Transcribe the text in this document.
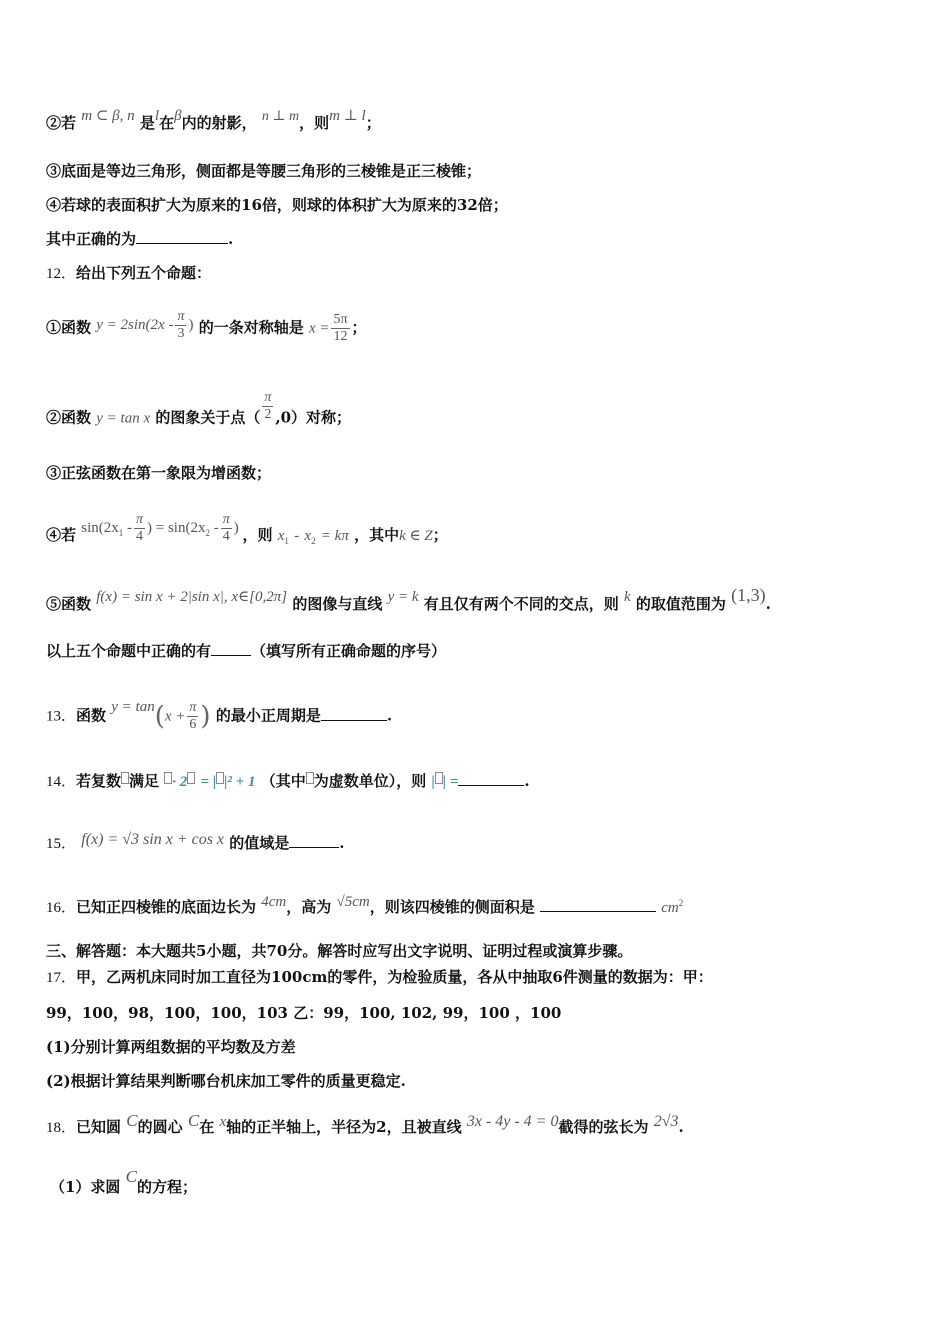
②若 m ⊂ β, n 是l在β内的射影， n ⊥ m，则m ⊥ l；
③底面是等边三角形，侧面都是等腰三角形的三棱锥是正三棱锥；
④若球的表面积扩大为原来的16倍，则球的体积扩大为原来的32倍；
其中正确的为	.
12．给出下列五个命题：
①函数 $y = 2\sin(2x - \frac{\pi}{3}$ ) 的一条对称轴是 $x = \frac{5\pi}{12}$ ；
②函数 y = tan x 的图象关于点（ $\frac{\pi}{2} ,0$）对称；
③正弦函数在第一象限为增函数；
④若 $\sin(2x_1 - \frac{\pi}{4}$ ) = $\sin(2x_2 - \frac{\pi}{4}$ ) ，则 $x_1 - x_2 = k\pi$ ，其中k ∈ Z；
⑤函数 f(x) = sin x + 2|sin x|, x∈[0,2π] 的图像与直线 y = k 有且仅有两个不同的交点，则 k 的取值范围为 (1,3).
以上五个命题中正确的有	（填写所有正确命题的序号）
13．函数 $y = \tan(x + \frac{\pi}{6}$ ) 的最小正周期是	.
14．若复数 满足 · 2 = | |² + 1 （其中 为虚数单位），则 | | =	.
15． f(x) = √3 sin x + cos x 的值域是	.
16．已知正四棱锥的底面边长为 4cm，高为 √5cm，则该四棱锥的侧面积是	$cm^2$
三、解答题：本大题共5小题，共70分。解答时应写出文字说明、证明过程或演算步骤。
17．甲，乙两机床同时加工直径为100cm的零件，为检验质量，各从中抽取6件测量的数据为：甲：
99，100，98，100，100，103 乙：99，100, 102, 99，100 ，100
(1)分别计算两组数据的平均数及方差
(2)根据计算结果判断哪台机床加工零件的质量更稳定.
18．已知圆 C的圆心 C在 x轴的正半轴上，半径为2，且被直线 3x - 4y - 4 = 0截得的弦长为 2√3.
（1）求圆 C的方程；
